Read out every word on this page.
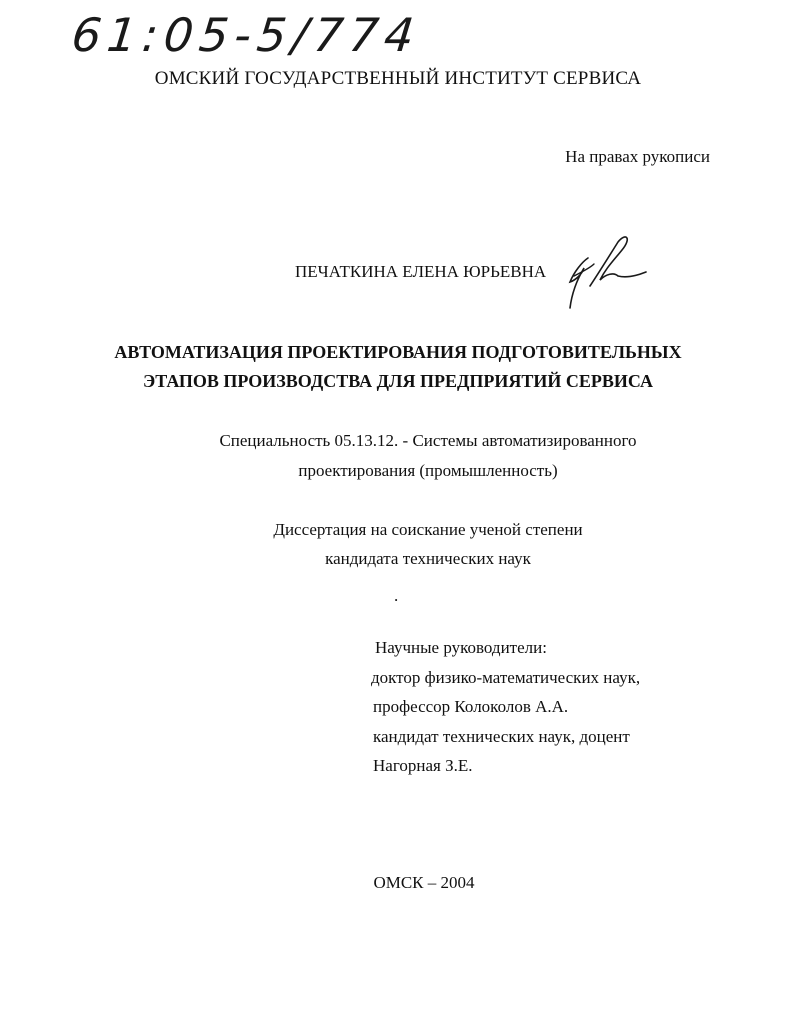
61:05-5/774
ОМСКИЙ ГОСУДАРСТВЕННЫЙ ИНСТИТУТ СЕРВИСА
На правах рукописи
ПЕЧАТКИНА ЕЛЕНА ЮРЬЕВНА
АВТОМАТИЗАЦИЯ ПРОЕКТИРОВАНИЯ ПОДГОТОВИТЕЛЬНЫХ
ЭТАПОВ ПРОИЗВОДСТВА ДЛЯ ПРЕДПРИЯТИЙ СЕРВИСА
Специальность 05.13.12. - Системы автоматизированного
проектирования (промышленность)
Диссертация на соискание ученой степени
кандидата технических наук
.
Научные руководители:
доктор физико-математических наук,
профессор Колоколов А.А.
кандидат технических наук, доцент
Нагорная З.Е.
ОМСК – 2004
